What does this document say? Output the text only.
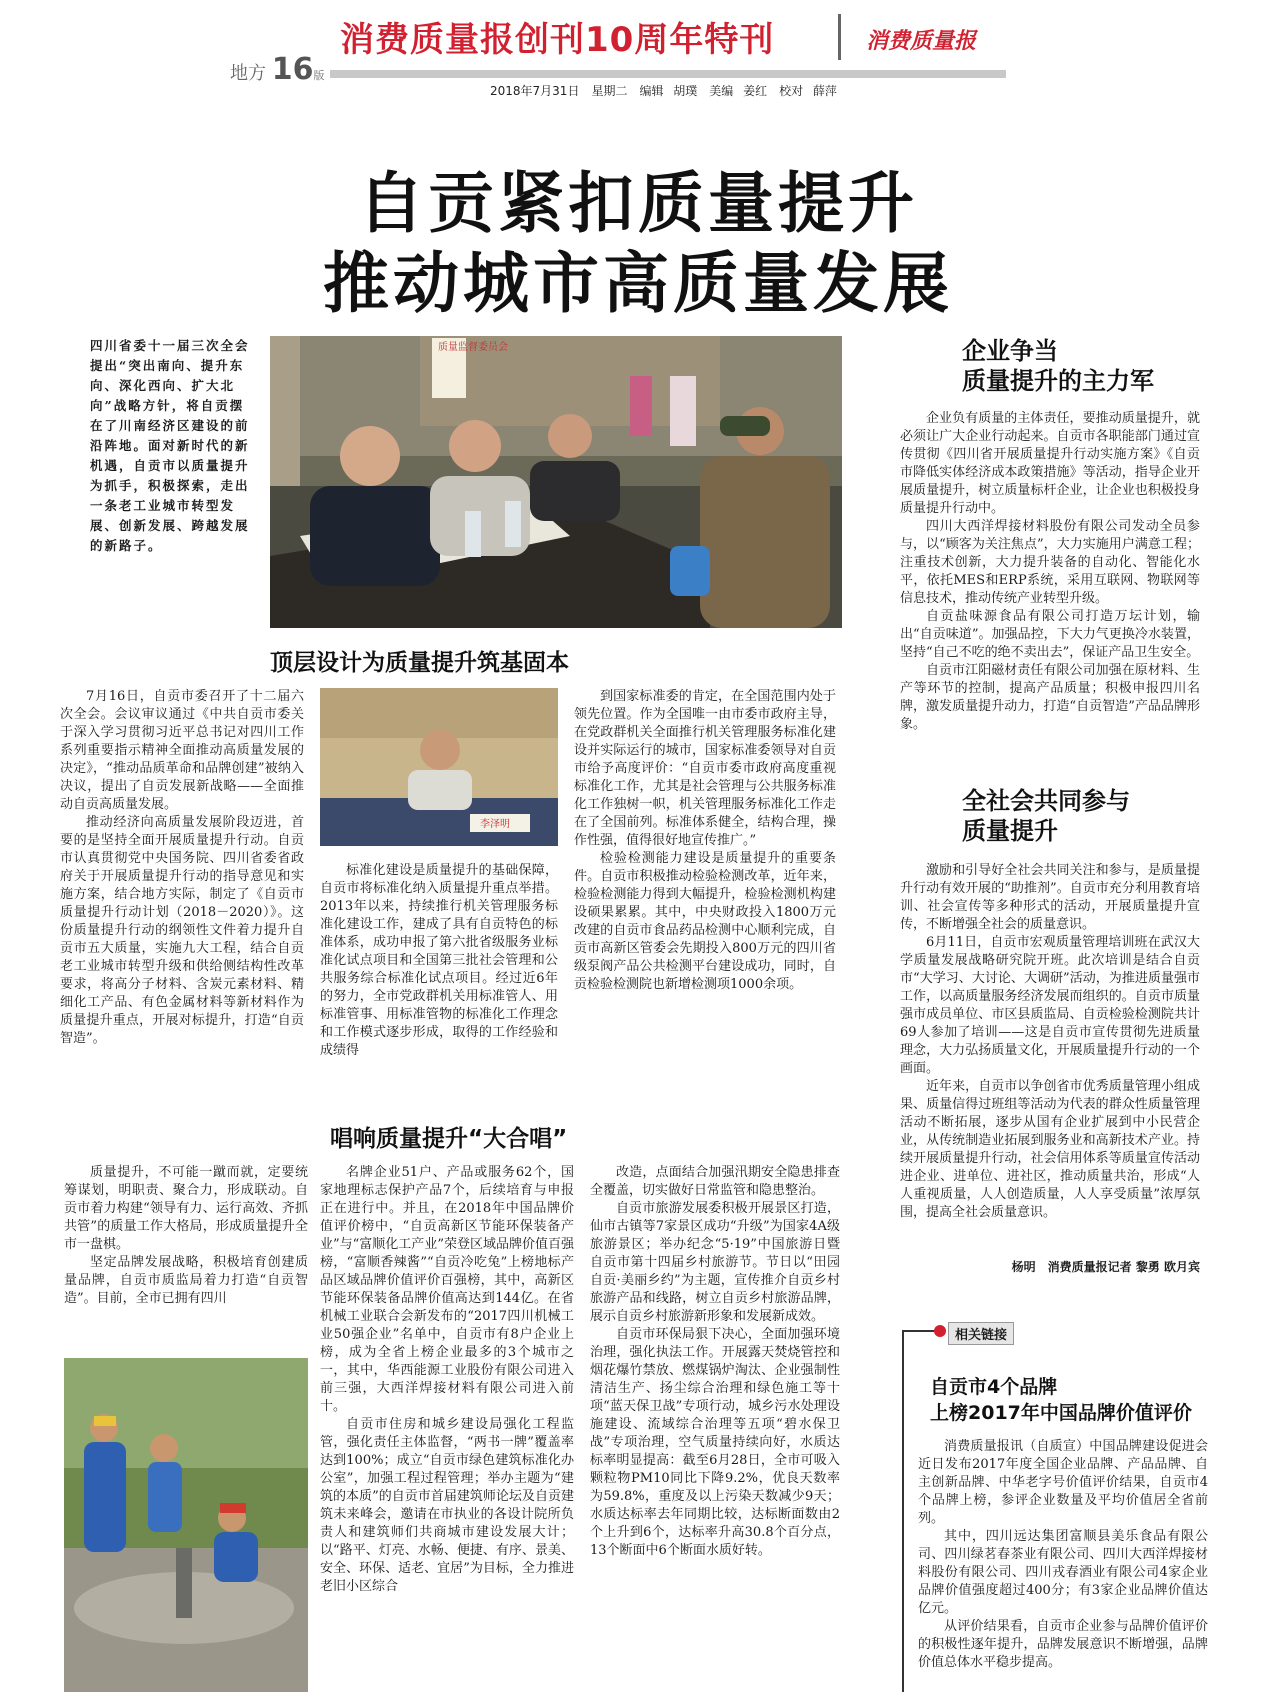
消费质量报创刊10周年特刊	消费质量报
地方 16版
2018年7月31日　星期二　编辑 胡璞　美编 姜红　校对 薛萍
自贡紧扣质量提升
推动城市高质量发展
四川省委十一届三次全会提出“突出南向、提升东向、深化西向、扩大北向”战略方针，将自贡摆在了川南经济区建设的前沿阵地。面对新时代的新机遇，自贡市以质量提升为抓手，积极探索，走出一条老工业城市转型发展、创新发展、跨越发展的新路子。
质量监督委员会
顶层设计为质量提升筑基固本

7月16日，自贡市委召开了十二届六次全会。会议审议通过《中共自贡市委关于深入学习贯彻习近平总书记对四川工作系列重要指示精神全面推动高质量发展的决定》，“推动品质革命和品牌创建”被纳入决议，提出了自贡发展新战略——全面推动自贡高质量发展。

推动经济向高质量发展阶段迈进，首要的是坚持全面开展质量提升行动。自贡市认真贯彻党中央国务院、四川省委省政府关于开展质量提升行动的指导意见和实施方案，结合地方实际，制定了《自贡市质量提升行动计划（2018－2020）》。这份质量提升行动的纲领性文件着力提升自贡市五大质量，实施九大工程，结合自贡老工业城市转型升级和供给侧结构性改革要求，将高分子材料、含炭元素材料、精细化工产品、有色金属材料等新材料作为质量提升重点，开展对标提升，打造“自贡智造”。

李泽明

标准化建设是质量提升的基础保障，自贡市将标准化纳入质量提升重点举措。2013年以来，持续推行机关管理服务标准化建设工作，建成了具有自贡特色的标准体系，成功申报了第六批省级服务业标准化试点项目和全国第三批社会管理和公共服务综合标准化试点项目。经过近6年的努力，全市党政群机关用标准管人、用标准管事、用标准管物的标准化工作理念和工作模式逐步形成，取得的工作经验和成绩得

到国家标准委的肯定，在全国范围内处于领先位置。作为全国唯一由市委市政府主导，在党政群机关全面推行机关管理服务标准化建设并实际运行的城市，国家标准委领导对自贡市给予高度评价：“自贡市委市政府高度重视标准化工作，尤其是社会管理与公共服务标准化工作独树一帜，机关管理服务标准化工作走在了全国前列。标准体系健全，结构合理，操作性强，值得很好地宣传推广。”

检验检测能力建设是质量提升的重要条件。自贡市积极推动检验检测改革，近年来，检验检测能力得到大幅提升，检验检测机构建设硕果累累。其中，中央财政投入1800万元改建的自贡市食品药品检测中心顺利完成，自贡市高新区管委会先期投入800万元的四川省级泵阀产品公共检测平台建设成功，同时，自贡检验检测院也新增检测项1000余项。

唱响质量提升“大合唱”

质量提升，不可能一蹴而就，定要统筹谋划，明职责、聚合力，形成联动。自贡市着力构建“领导有力、运行高效、齐抓共管”的质量工作大格局，形成质量提升全市一盘棋。

坚定品牌发展战略，积极培育创建质量品牌，自贡市质监局着力打造“自贡智造”。目前，全市已拥有四川

名牌企业51户、产品或服务62个，国家地理标志保护产品7个，后续培育与申报正在进行中。并且，在2018年中国品牌价值评价榜中，“自贡高新区节能环保装备产业”与“富顺化工产业”荣登区域品牌价值百强榜，“富顺香辣酱”“自贡冷吃兔”上榜地标产品区域品牌价值评价百强榜，其中，高新区节能环保装备品牌价值高达到144亿。在省机械工业联合会新发布的“2017四川机械工业50强企业”名单中，自贡市有8户企业上榜，成为全省上榜企业最多的3个城市之一，其中，华西能源工业股份有限公司进入前三强，大西洋焊接材料有限公司进入前十。

自贡市住房和城乡建设局强化工程监管，强化责任主体监督，“两书一牌”覆盖率达到100%；成立“自贡市绿色建筑标准化办公室”，加强工程过程管理；举办主题为“建筑的本质”的自贡市首届建筑师论坛及自贡建筑未来峰会，邀请在市执业的各设计院所负责人和建筑师们共商城市建设发展大计；以“路平、灯亮、水畅、便捷、有序、景美、安全、环保、适老、宜居”为目标，全力推进老旧小区综合

改造，点面结合加强汛期安全隐患排查全覆盖，切实做好日常监管和隐患整治。

自贡市旅游发展委积极开展景区打造，仙市古镇等7家景区成功“升级”为国家4A级旅游景区；举办纪念“5·19”中国旅游日暨自贡市第十四届乡村旅游节。节日以“田园自贡·美丽乡约”为主题，宣传推介自贡乡村旅游产品和线路，树立自贡乡村旅游品牌，展示自贡乡村旅游新形象和发展新成效。

自贡市环保局狠下决心，全面加强环境治理，强化执法工作。开展露天焚烧管控和烟花爆竹禁放、燃煤锅炉淘汰、企业强制性清洁生产、扬尘综合治理和绿色施工等十项“蓝天保卫战”专项行动，城乡污水处理设施建设、流域综合治理等五项“碧水保卫战”专项治理，空气质量持续向好，水质达标率明显提高：截至6月28日，全市可吸入颗粒物PM10同比下降9.2%，优良天数率为59.8%，重度及以上污染天数减少9天；水质达标率去年同期比较，达标断面数由2个上升到6个，达标率升高30.8个百分点，13个断面中6个断面水质好转。

企业争当
质量提升的主力军

企业负有质量的主体责任，要推动质量提升，就必须让广大企业行动起来。自贡市各职能部门通过宣传贯彻《四川省开展质量提升行动实施方案》《自贡市降低实体经济成本政策措施》等活动，指导企业开展质量提升，树立质量标杆企业，让企业也积极投身质量提升行动中。

四川大西洋焊接材料股份有限公司发动全员参与，以“顾客为关注焦点”，大力实施用户满意工程；注重技术创新，大力提升装备的自动化、智能化水平，依托MES和ERP系统，采用互联网、物联网等信息技术，推动传统产业转型升级。

自贡盐味源食品有限公司打造万坛计划，输出“自贡味道”。加强品控，下大力气更换冷水装置，坚持“自己不吃的绝不卖出去”，保证产品卫生安全。

自贡市江阳磁材责任有限公司加强在原材料、生产等环节的控制，提高产品质量；积极申报四川名牌，激发质量提升动力，打造“自贡智造”产品品牌形象。

全社会共同参与
质量提升

激励和引导好全社会共同关注和参与，是质量提升行动有效开展的“助推剂”。自贡市充分利用教育培训、社会宣传等多种形式的活动，开展质量提升宣传，不断增强全社会的质量意识。

6月11日，自贡市宏观质量管理培训班在武汉大学质量发展战略研究院开班。此次培训是结合自贡市“大学习、大讨论、大调研”活动，为推进质量强市工作，以高质量服务经济发展而组织的。自贡市质量强市成员单位、市区县质监局、自贡检验检测院共计69人参加了培训——这是自贡市宣传贯彻先进质量理念，大力弘扬质量文化，开展质量提升行动的一个画面。

近年来，自贡市以争创省市优秀质量管理小组成果、质量信得过班组等活动为代表的群众性质量管理活动不断拓展，逐步从国有企业扩展到中小民营企业，从传统制造业拓展到服务业和高新技术产业。持续开展质量提升行动，社会信用体系等质量宣传活动进企业、进单位、进社区，推动质量共治，形成“人人重视质量，人人创造质量，人人享受质量”浓厚氛围，提高全社会质量意识。

杨明　消费质量报记者 黎勇 欧月宾
相关链接
自贡市4个品牌
上榜2017年中国品牌价值评价

消费质量报讯（自质宣）中国品牌建设促进会近日发布2017年度全国企业品牌、产品品牌、自主创新品牌、中华老字号价值评价结果，自贡市4个品牌上榜，参评企业数量及平均价值居全省前列。

其中，四川远达集团富顺县美乐食品有限公司、四川绿茗春茶业有限公司、四川大西洋焊接材料股份有限公司、四川戎春酒业有限公司4家企业品牌价值强度超过400分；有3家企业品牌价值达亿元。

从评价结果看，自贡市企业参与品牌价值评价的积极性逐年提升，品牌发展意识不断增强，品牌价值总体水平稳步提高。
